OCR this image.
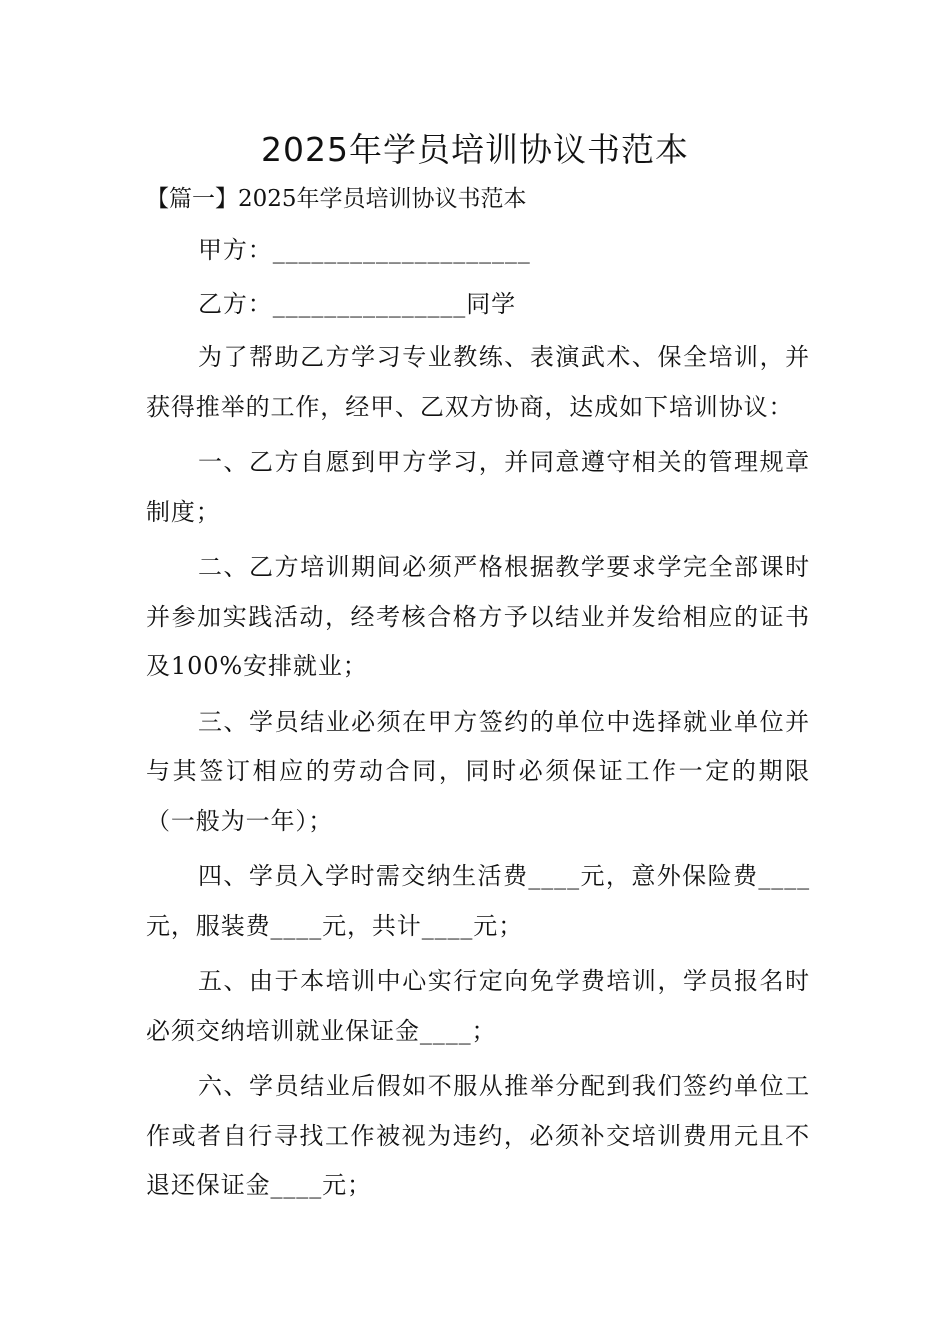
2025年学员培训协议书范本

【篇一】2025年学员培训协议书范本

甲方：____________________

乙方：_______________同学

为了帮助乙方学习专业教练、表演武术、保全培训，并获得推举的工作，经甲、乙双方协商，达成如下培训协议：

一、乙方自愿到甲方学习，并同意遵守相关的管理规章制度；

二、乙方培训期间必须严格根据教学要求学完全部课时并参加实践活动，经考核合格方予以结业并发给相应的证书及100%安排就业；

三、学员结业必须在甲方签约的单位中选择就业单位并与其签订相应的劳动合同，同时必须保证工作一定的期限（一般为一年）；

四、学员入学时需交纳生活费____元，意外保险费____元，服装费____元，共计____元；

五、由于本培训中心实行定向免学费培训，学员报名时必须交纳培训就业保证金____；

六、学员结业后假如不服从推举分配到我们签约单位工作或者自行寻找工作被视为违约，必须补交培训费用元且不退还保证金____元；
